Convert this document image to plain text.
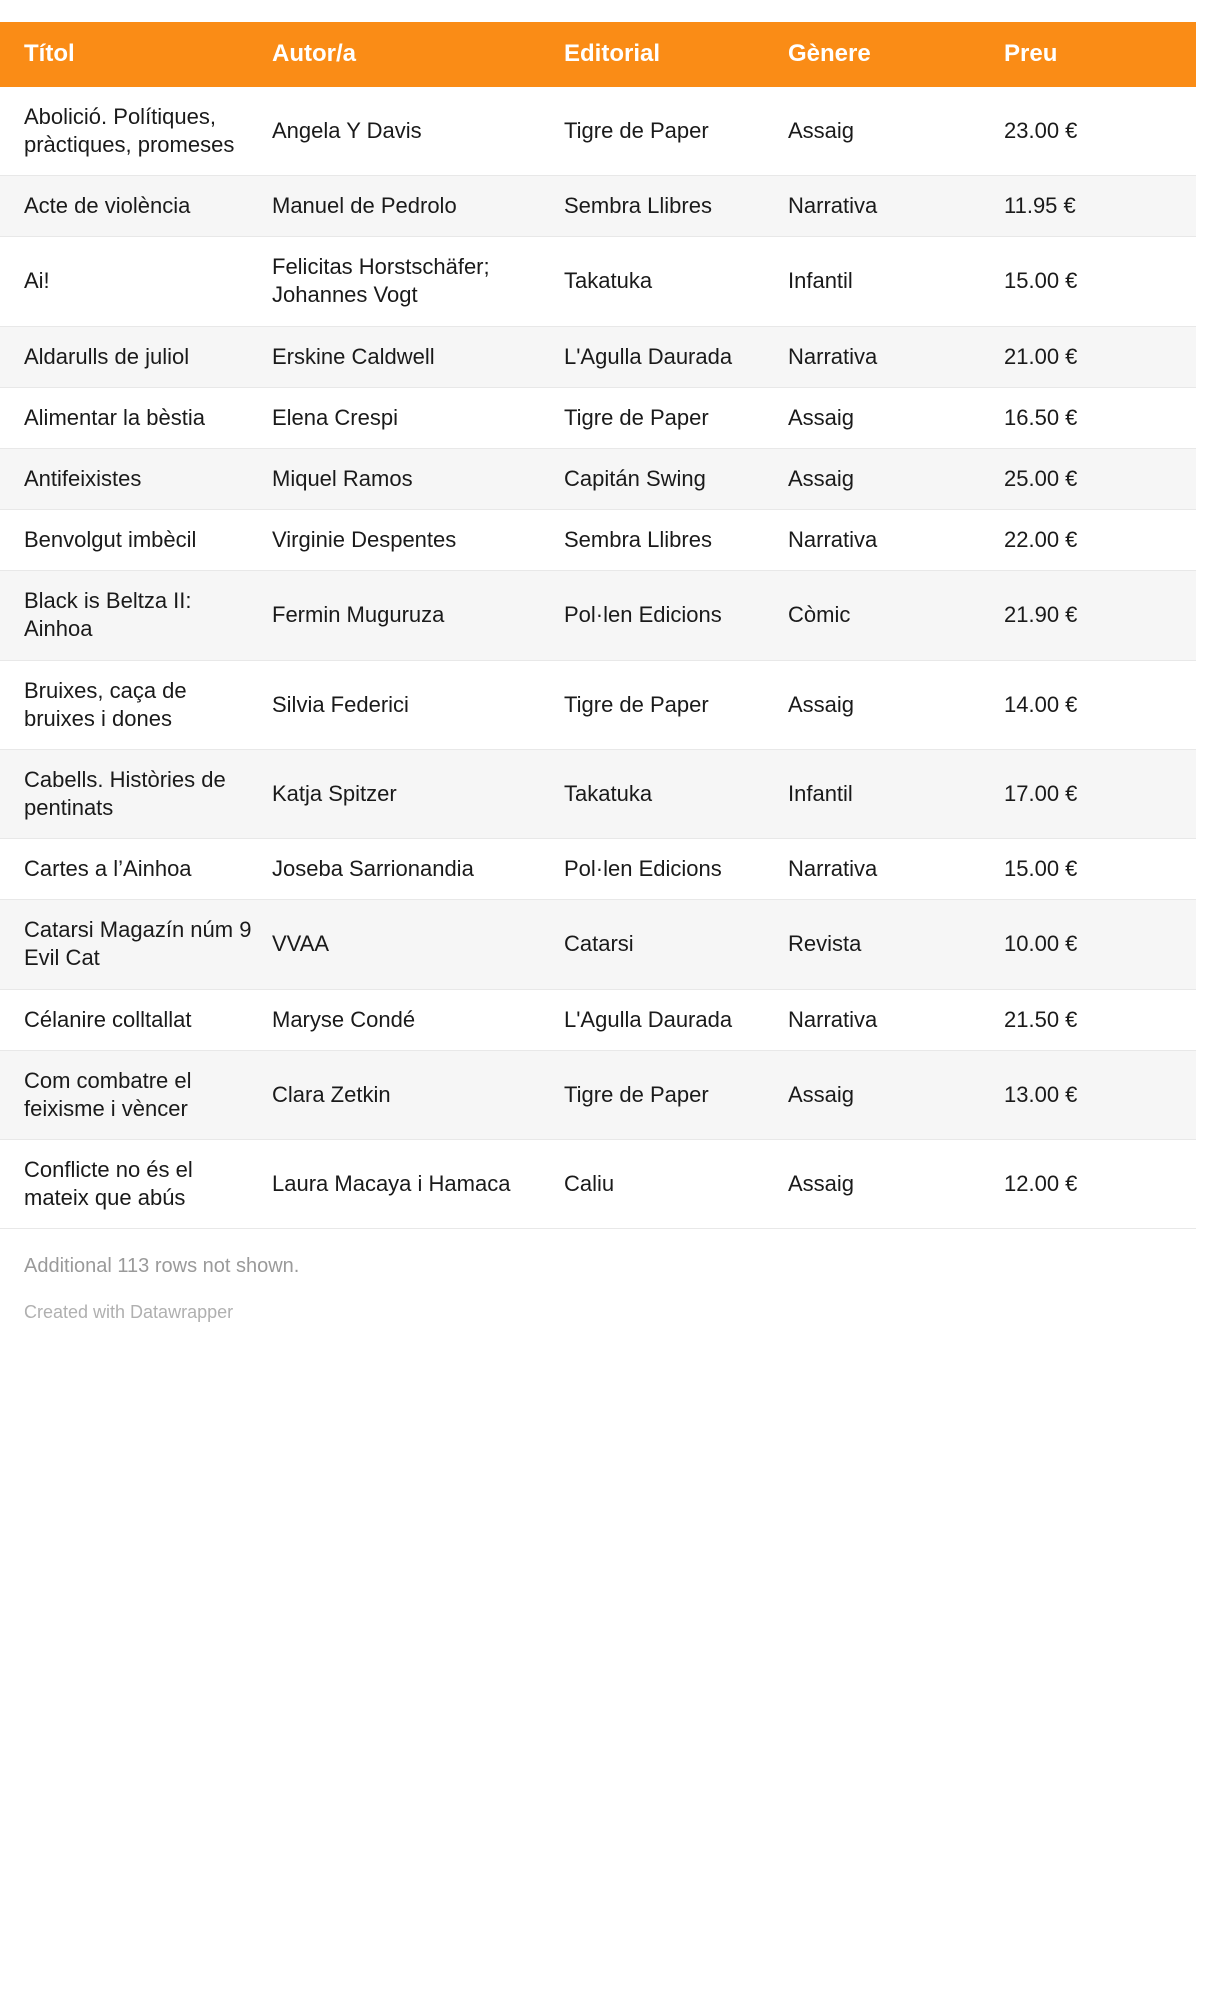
Títol	Autor/a	Editorial	Gènere	Preu
Abolició. Polítiques, pràctiques, promeses	Angela Y Davis	Tigre de Paper	Assaig	23.00 €
Acte de violència	Manuel de Pedrolo	Sembra Llibres	Narrativa	11.95 €
Ai!	Felicitas Horstschäfer; Johannes Vogt	Takatuka	Infantil	15.00 €
Aldarulls de juliol	Erskine Caldwell	L'Agulla Daurada	Narrativa	21.00 €
Alimentar la bèstia	Elena Crespi	Tigre de Paper	Assaig	16.50 €
Antifeixistes	Miquel Ramos	Capitán Swing	Assaig	25.00 €
Benvolgut imbècil	Virginie Despentes	Sembra Llibres	Narrativa	22.00 €
Black is Beltza II: Ainhoa	Fermin Muguruza	Pol·len Edicions	Còmic	21.90 €
Bruixes, caça de bruixes i dones	Silvia Federici	Tigre de Paper	Assaig	14.00 €
Cabells. Històries de pentinats	Katja Spitzer	Takatuka	Infantil	17.00 €
Cartes a l’Ainhoa	Joseba Sarrionandia	Pol·len Edicions	Narrativa	15.00 €
Catarsi Magazín núm 9 Evil Cat	VVAA	Catarsi	Revista	10.00 €
Célanire colltallat	Maryse Condé	L'Agulla Daurada	Narrativa	21.50 €
Com combatre el feixisme i vèncer	Clara Zetkin	Tigre de Paper	Assaig	13.00 €
Conflicte no és el mateix que abús	Laura Macaya i Hamaca	Caliu	Assaig	12.00 €
Additional 113 rows not shown.
Created with Datawrapper
